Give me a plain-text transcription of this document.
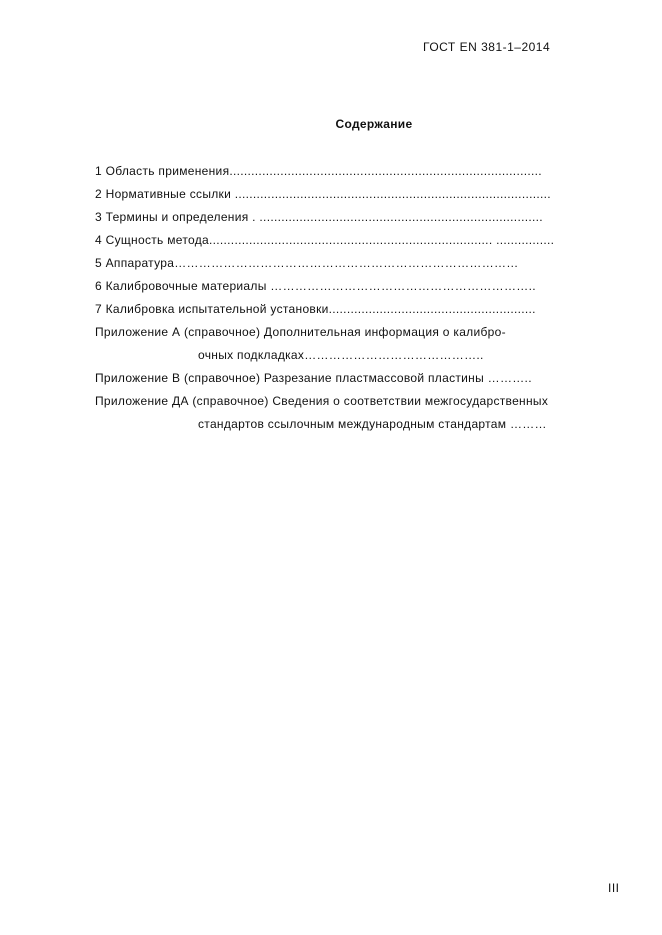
ГОСТ EN 381-1–2014
Содержание
1 Область применения......................................................................................
2 Нормативные ссылки .......................................................................................
3 Термины и определения . ..............................................................................
4 Сущность метода.............................................................................. ................
5 Аппаратура…………………………………………………………………………
6 Калибровочные материалы ………………………………………………………..
7 Калибровка испытательной установки.........................................................
Приложение А (справочное) Дополнительная информация о калибро-
очных подкладках……………………………………..
Приложение В (справочное) Разрезание пластмассовой пластины ………..
Приложение ДА (справочное) Сведения о соответствии межгосударственных
стандартов ссылочным международным стандартам ………
III
